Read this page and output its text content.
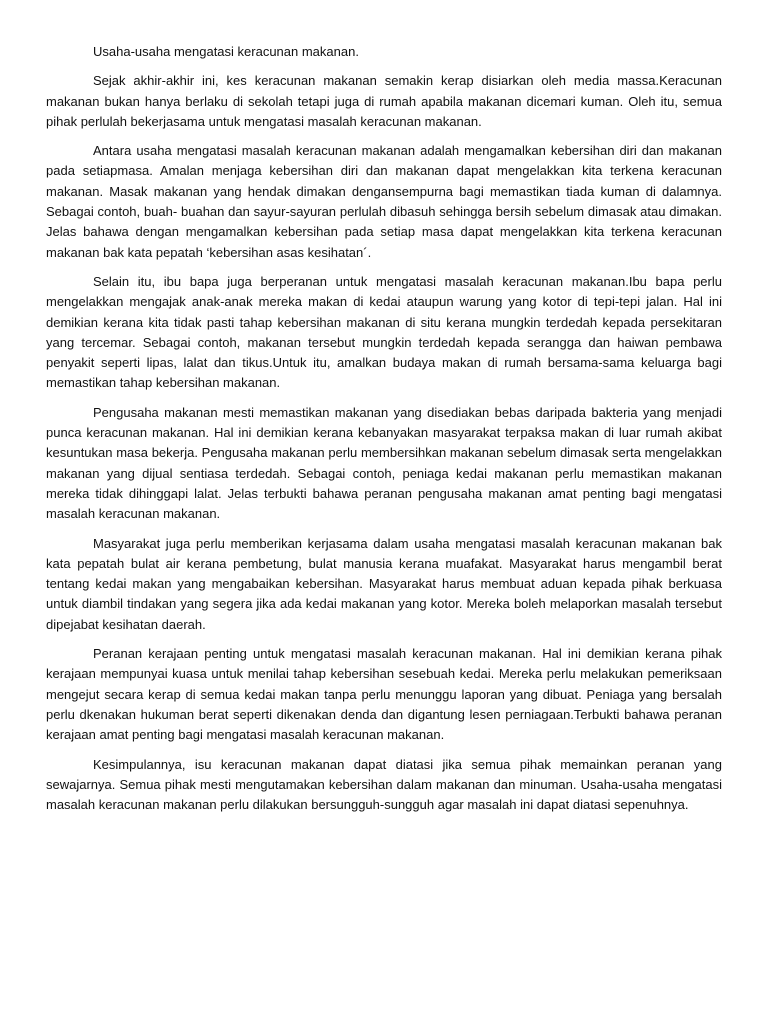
Usaha-usaha mengatasi keracunan makanan.

Sejak akhir-akhir ini, kes keracunan makanan semakin kerap disiarkan oleh media massa.Keracunan makanan bukan hanya berlaku di sekolah tetapi juga di rumah apabila makanan dicemari kuman. Oleh itu, semua pihak perlulah bekerjasama untuk mengatasi masalah keracunan makanan.

Antara usaha mengatasi masalah keracunan makanan adalah mengamalkan kebersihan diri dan makanan pada setiapmasa. Amalan menjaga kebersihan diri dan makanan dapat mengelakkan kita terkena keracunan makanan. Masak makanan yang hendak dimakan dengansempurna bagi memastikan tiada kuman di dalamnya. Sebagai contoh, buah- buahan dan sayur-sayuran perlulah dibasuh sehingga bersih sebelum dimasak atau dimakan. Jelas bahawa dengan mengamalkan kebersihan pada setiap masa dapat mengelakkan kita terkena keracunan makanan bak kata pepatah ‘kebersihan asas kesihatan´.

Selain itu, ibu bapa juga berperanan untuk mengatasi masalah keracunan makanan.Ibu bapa perlu mengelakkan mengajak anak-anak mereka makan di kedai ataupun warung yang kotor di tepi-tepi jalan. Hal ini demikian kerana kita tidak pasti tahap kebersihan makanan di situ kerana mungkin terdedah kepada persekitaran yang tercemar. Sebagai contoh, makanan tersebut mungkin terdedah kepada serangga dan haiwan pembawa penyakit seperti lipas, lalat dan tikus.Untuk itu, amalkan budaya makan di rumah bersama-sama keluarga bagi memastikan tahap kebersihan makanan.

Pengusaha makanan mesti memastikan makanan yang disediakan bebas daripada bakteria yang menjadi punca keracunan makanan. Hal ini demikian kerana kebanyakan masyarakat terpaksa makan di luar rumah akibat kesuntukan masa bekerja. Pengusaha makanan perlu membersihkan makanan sebelum dimasak serta mengelakkan makanan yang dijual sentiasa terdedah. Sebagai contoh, peniaga kedai makanan perlu memastikan makanan mereka tidak dihinggapi lalat. Jelas terbukti bahawa peranan pengusaha makanan amat penting bagi mengatasi masalah keracunan makanan.

Masyarakat juga perlu memberikan kerjasama dalam usaha mengatasi masalah keracunan makanan bak kata pepatah bulat air kerana pembetung, bulat manusia kerana muafakat. Masyarakat harus mengambil berat tentang kedai makan yang mengabaikan kebersihan. Masyarakat harus membuat aduan kepada pihak berkuasa untuk diambil tindakan yang segera jika ada kedai makanan yang kotor. Mereka boleh melaporkan masalah tersebut dipejabat kesihatan daerah.

Peranan kerajaan penting untuk mengatasi masalah keracunan makanan. Hal ini demikian kerana pihak kerajaan mempunyai kuasa untuk menilai tahap kebersihan sesebuah kedai. Mereka perlu melakukan pemeriksaan mengejut secara kerap di semua kedai makan tanpa perlu menunggu laporan yang dibuat. Peniaga yang bersalah perlu dkenakan hukuman berat seperti dikenakan denda dan digantung lesen perniagaan.Terbukti bahawa peranan kerajaan amat penting bagi mengatasi masalah keracunan makanan.

Kesimpulannya, isu keracunan makanan dapat diatasi jika semua pihak memainkan peranan yang sewajarnya. Semua pihak mesti mengutamakan kebersihan dalam makanan dan minuman. Usaha-usaha mengatasi masalah keracunan makanan perlu dilakukan bersungguh-sungguh agar masalah ini dapat diatasi sepenuhnya.
